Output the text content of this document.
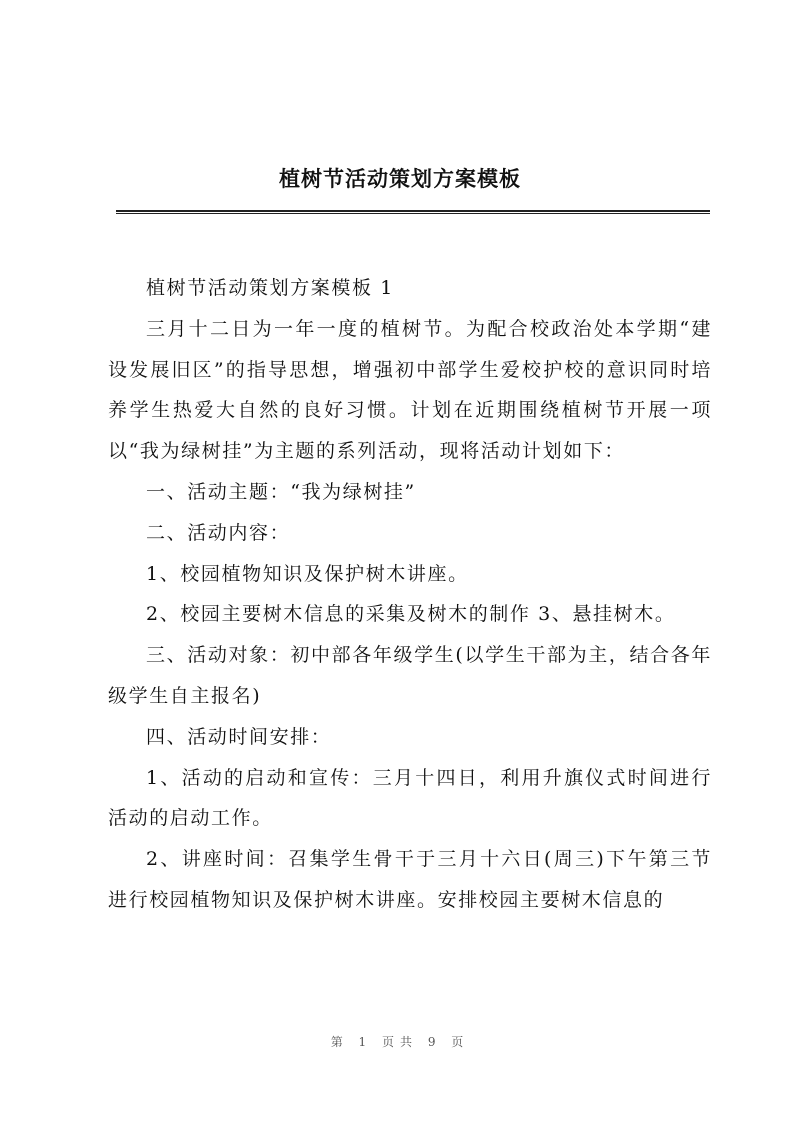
植树节活动策划方案模板

植树节活动策划方案模板 1

三月十二日为一年一度的植树节。为配合校政治处本学期“建设发展旧区”的指导思想，增强初中部学生爱校护校的意识同时培养学生热爱大自然的良好习惯。计划在近期围绕植树节开展一项以“我为绿树挂”为主题的系列活动，现将活动计划如下：

一、活动主题：“我为绿树挂”

二、活动内容：

1、校园植物知识及保护树木讲座。

2、校园主要树木信息的采集及树木的制作 3、悬挂树木。

三、活动对象：初中部各年级学生(以学生干部为主，结合各年级学生自主报名)

四、活动时间安排：

1、活动的启动和宣传：三月十四日，利用升旗仪式时间进行活动的启动工作。

2、讲座时间：召集学生骨干于三月十六日(周三)下午第三节进行校园植物知识及保护树木讲座。安排校园主要树木信息的

第 1 页共 9 页
